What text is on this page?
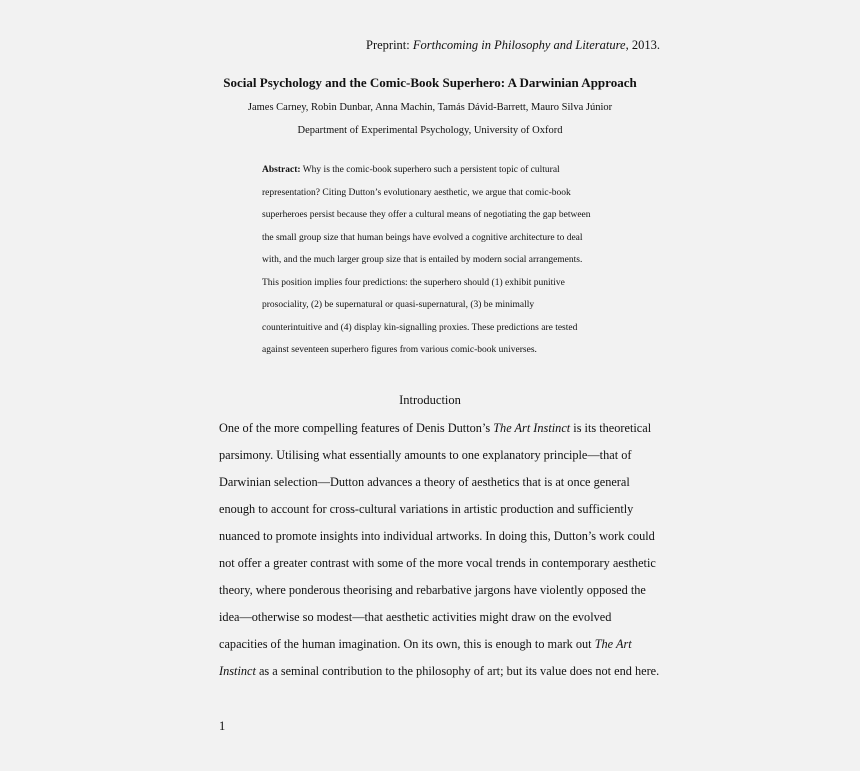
Preprint: Forthcoming in Philosophy and Literature, 2013.
Social Psychology and the Comic-Book Superhero: A Darwinian Approach
James Carney, Robin Dunbar, Anna Machin, Tamás Dávid-Barrett, Mauro Silva Júnior
Department of Experimental Psychology, University of Oxford
Abstract: Why is the comic-book superhero such a persistent topic of cultural
representation? Citing Dutton’s evolutionary aesthetic, we argue that comic-book
superheroes persist because they offer a cultural means of negotiating the gap between
the small group size that human beings have evolved a cognitive architecture to deal
with, and the much larger group size that is entailed by modern social arrangements.
This position implies four predictions: the superhero should (1) exhibit punitive
prosociality, (2) be supernatural or quasi-supernatural, (3) be minimally
counterintuitive and (4) display kin-signalling proxies. These predictions are tested
against seventeen superhero figures from various comic-book universes.
Introduction
One of the more compelling features of Denis Dutton’s The Art Instinct is its theoretical
parsimony. Utilising what essentially amounts to one explanatory principle—that of
Darwinian selection—Dutton advances a theory of aesthetics that is at once general
enough to account for cross-cultural variations in artistic production and sufficiently
nuanced to promote insights into individual artworks. In doing this, Dutton’s work could
not offer a greater contrast with some of the more vocal trends in contemporary aesthetic
theory, where ponderous theorising and rebarbative jargons have violently opposed the
idea—otherwise so modest—that aesthetic activities might draw on the evolved
capacities of the human imagination. On its own, this is enough to mark out The Art
Instinct as a seminal contribution to the philosophy of art; but its value does not end here.
1
